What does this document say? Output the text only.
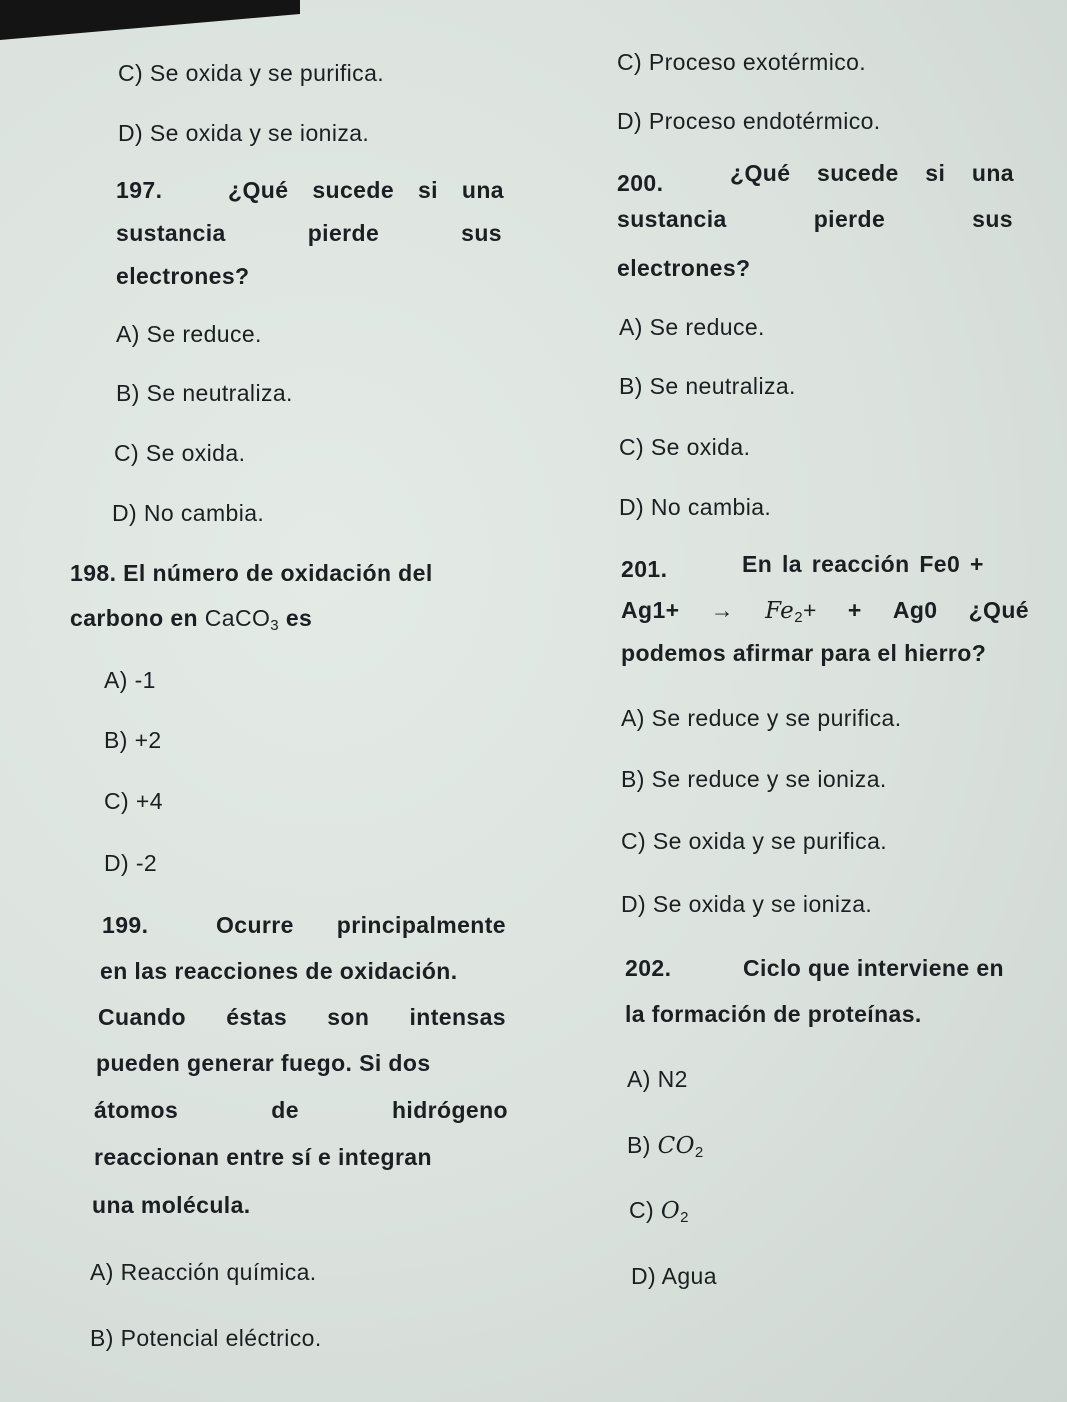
C) Se oxida y se purifica.
D) Se oxida y se ioniza.
197.	¿Qué sucede si una
sustancia	pierde	sus
electrones?
A) Se reduce.
B) Se neutraliza.
C) Se oxida.
D) No cambia.
198. El número de oxidación del
carbono en CaCO$_3$ es
A) -1
B) +2
C) +4
D) -2
199.	Ocurre principalmente
en las reacciones de oxidación.
Cuando éstas son intensas
pueden generar fuego. Si dos
átomos	de	hidrógeno
reaccionan entre sí e integran
una molécula.
A) Reacción química.
B) Potencial eléctrico.
C) Proceso exotérmico.
D) Proceso endotérmico.
200.	¿Qué sucede si una
sustancia	pierde	sus
electrones?
A) Se reduce.
B) Se neutraliza.
C) Se oxida.
D) No cambia.
201.	En la reacción Fe0 +
$Ag1+ \to Fe_2+ + Ag0$ ¿Qué
podemos afirmar para el hierro?
A) Se reduce y se purifica.
B) Se reduce y se ioniza.
C) Se oxida y se purifica.
D) Se oxida y se ioniza.
202.	Ciclo que interviene en
la formación de proteínas.
A) N2
B) $CO_2$
C) $O_2$
D) Agua
